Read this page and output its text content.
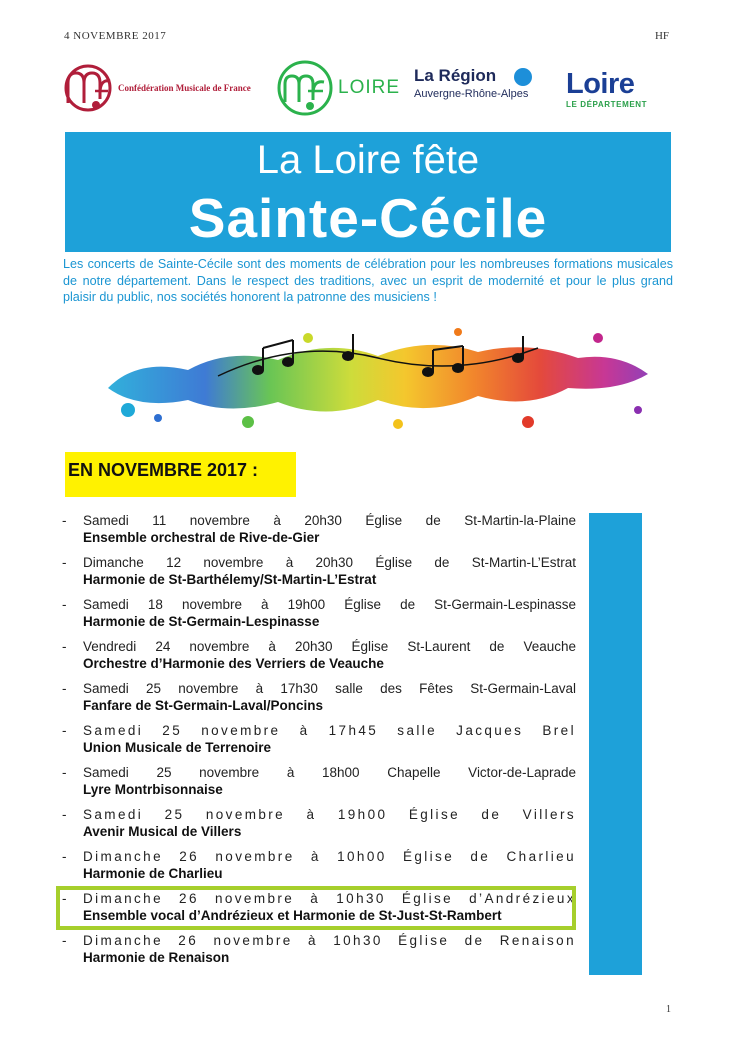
4 NOVEMBRE 2017	HF
Confédération Musicale de France	LOIRE
La Région
Auvergne-Rhône-Alpes	Loire
LE DÉPARTEMENT
La Loire fête
Sainte-Cécile

Les concerts de Sainte-Cécile sont des moments de célébration pour les nombreuses formations musicales de notre département. Dans le respect des traditions, avec un esprit de modernité et pour le plus grand plaisir du public, nos sociétés honorent la patronne des musiciens !

EN NOVEMBRE 2017 :
- Samedi 11 novembre à 20h30 Église de St-Martin-la-Plaine
Ensemble orchestral de Rive-de-Gier
- Dimanche 12 novembre à 20h30 Église de St-Martin-L’Estrat
Harmonie de St-Barthélemy/St-Martin-L’Estrat
- Samedi 18 novembre à 19h00 Église de St-Germain-Lespinasse
Harmonie de St-Germain-Lespinasse
- Vendredi 24 novembre à 20h30 Église St-Laurent de Veauche
Orchestre d’Harmonie des Verriers de Veauche
- Samedi 25 novembre à 17h30 salle des Fêtes St-Germain-Laval
Fanfare de St-Germain-Laval/Poncins
- Samedi 25 novembre à 17h45 salle Jacques Brel
Union Musicale de Terrenoire
- Samedi 25 novembre à 18h00 Chapelle Victor-de-Laprade
Lyre Montrbisonnaise
- Samedi 25 novembre à 19h00 Église de Villers
Avenir Musical de Villers
- Dimanche 26 novembre à 10h00 Église de Charlieu
Harmonie de Charlieu
- Dimanche 26 novembre à 10h30 Église d’Andrézieux
Ensemble vocal d’Andrézieux et Harmonie de St-Just-St-Rambert
- Dimanche 26 novembre à 10h30 Église de Renaison
Harmonie de Renaison
1
